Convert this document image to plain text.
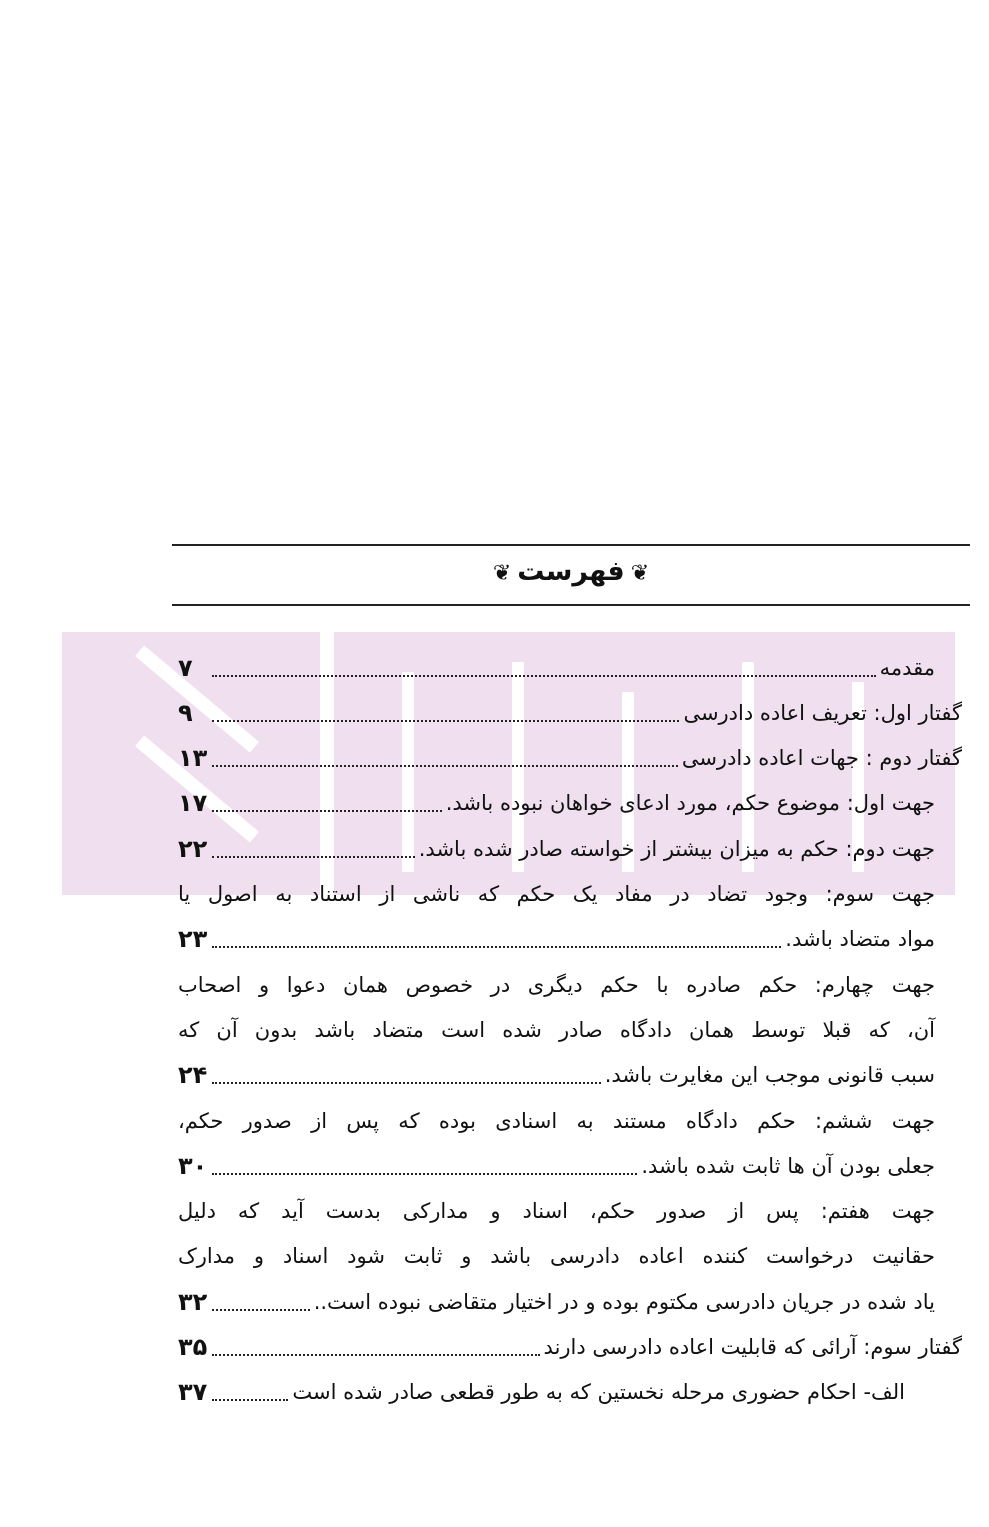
❦فهرست❦
مقدمه
۷
گفتار اول: تعریف اعاده دادرسی
۹
گفتار دوم : جهات اعاده دادرسی
۱۳
جهت اول: موضوع حکم، مورد ادعای خواهان نبوده باشد.
۱۷
جهت دوم: حکم به میزان بیشتر از خواسته صادر شده باشد.
۲۲
جهت سوم: وجود تضاد در مفاد یک حکم که ناشی از استناد به اصول یا
مواد متضاد باشد.
۲۳
جهت چهارم: حکم صادره با حکم دیگری در خصوص همان دعوا و اصحاب
آن، که قبلا توسط همان دادگاه صادر شده است متضاد باشد بدون آن که
سبب قانونی موجب این مغایرت باشد.
۲۴
جهت ششم: حکم دادگاه مستند به اسنادی بوده که پس از صدور حکم،
جعلی بودن آن ها ثابت شده باشد.
۳۰
جهت هفتم: پس از صدور حکم، اسناد و مدارکی بدست آید که دلیل
حقانیت درخواست کننده اعاده دادرسی باشد و ثابت شود اسناد و مدارک
یاد شده در جریان دادرسی مکتوم بوده و در اختیار متقاضی نبوده است..
۳۲
گفتار سوم: آرائی که قابلیت اعاده دادرسی دارند
۳۵
الف- احکام حضوری مرحله نخستین که به طور قطعی صادر شده است
۳۷
